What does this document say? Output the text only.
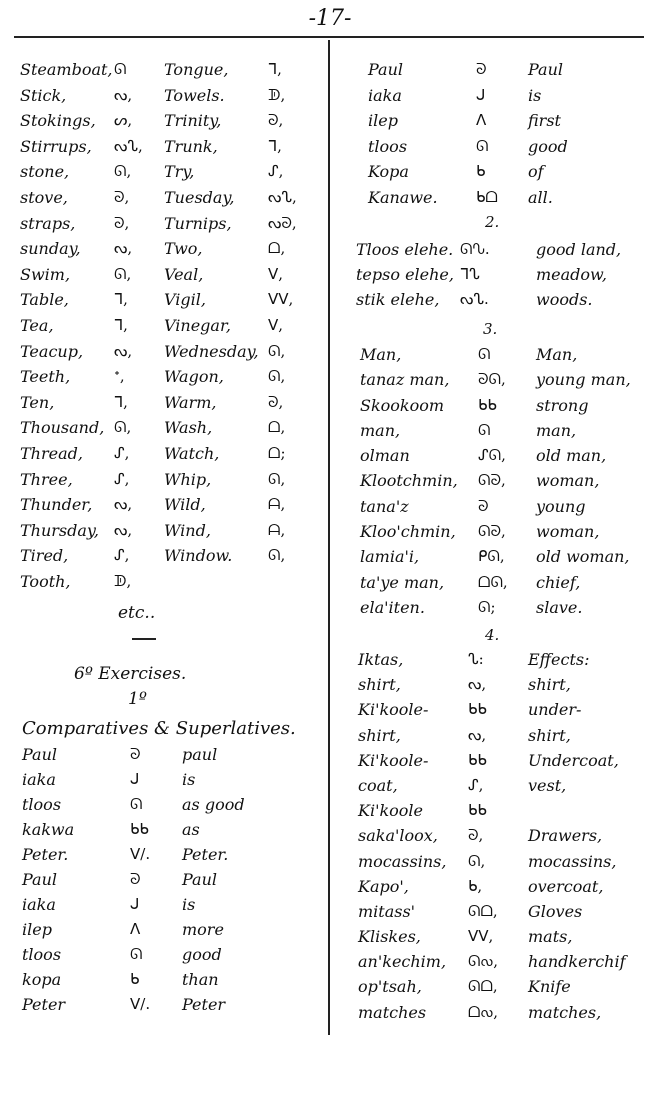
-17-
Steamboat, ᘏ Tongue,	ᒣ,
Stick,	ᔓ, Towels.	ᗫ,
Stokings, ᔕ, Trinity,	ᘐ,
Stirrups, ᔓᔐ, Trunk,	ᒣ,
stone,	ᘏ, Try,	ᔑ,
stove,	ᘐ, Tuesday, ᔓᔐ,
straps,	ᘐ, Turnips, ᔓᘐ,
sunday, ᔓ, Two,	ᗝ,
Swim,	ᘏ, Veal,	ᐯ,
Table,	ᒣ, Vigil,	ᐯᐯ,
Tea,	ᒣ, Vinegar, ᐯ,
Teacup, ᔓ, Wednesday, ᘏ,
Teeth,	ᐩ, Wagon,	ᘏ,
Ten,	ᒣ, Warm,	ᘐ,
Thousand, ᘏ, Wash,	ᗝ,
Thread, ᔑ, Watch,	ᗝ;
Three,	ᔑ, Whip,	ᘏ,
Thunder, ᔓ, Wild,	ᗩ,
Thursday, ᔓ, Wind,	ᗩ,
Tired,	ᔑ, Window. ᘏ,
Tooth,	ᗫ,
etc..
6º Exercises.
1º
Comparatives & Superlatives.
Paul	ᘐ	paul
iaka	ᒍ	is
tloos	ᘏ as good
kakwa	ᑲᑲ as
Peter.	ᐯ/. Peter.
Paul	ᘐ	Paul
iaka	ᒍ	is
ilep	ᐱ	more
tloos	ᘏ good
kopa	ᑲ	than
Peter	ᐯ/. Peter
Paul	ᘐ	Paul
iaka	ᒍ	is
ilep	ᐱ	first
tloos	ᘏ good
Kopa	ᑲ	of
Kanawe.	ᑲᗝ all.
2.
Tloos elehe. ᘏᔐ.	good land,
tepso elehe, ᒣᔐ	meadow,
stik elehe, ᔓᔐ.	woods.
3.
Man,	ᘏ	Man,
tanaz man, ᘐᘏ, young man,
Skookoom ᑲᑲ strong
man,	ᘏ	man,
olman	ᔑᘏ, old man,
Klootchmin, ᘏᘐ, woman,
tana'z	ᘐ	young
Kloo'chmin, ᘏᘐ, woman,
lamia'i,	ᑭᘏ, old woman,
ta'ye man, ᗝᘏ, chief,
ela'iten.	ᘏ;	slave.
4.
Iktas,	ᔐ:	Effects:
shirt,	ᔓ,	shirt,
Ki'koole-	ᑲᑲ	under-
shirt,	ᔓ,	shirt,
Ki'koole-	ᑲᑲ	Undercoat,
coat,	ᔑ,	vest,
Ki'koole	ᑲᑲ
saka'loox, ᘐ,	Drawers,
mocassins, ᘏ,	mocassins,
Kapo',	ᑲ,	overcoat,
mitass'	ᘏᗝ, Gloves
Kliskes,	ᐯᐯ, mats,
an'kechim, ᘏᔓ, handkerchif
op'tsah,	ᘏᗝ, Knife
matches	ᗝᔓ, matches,
